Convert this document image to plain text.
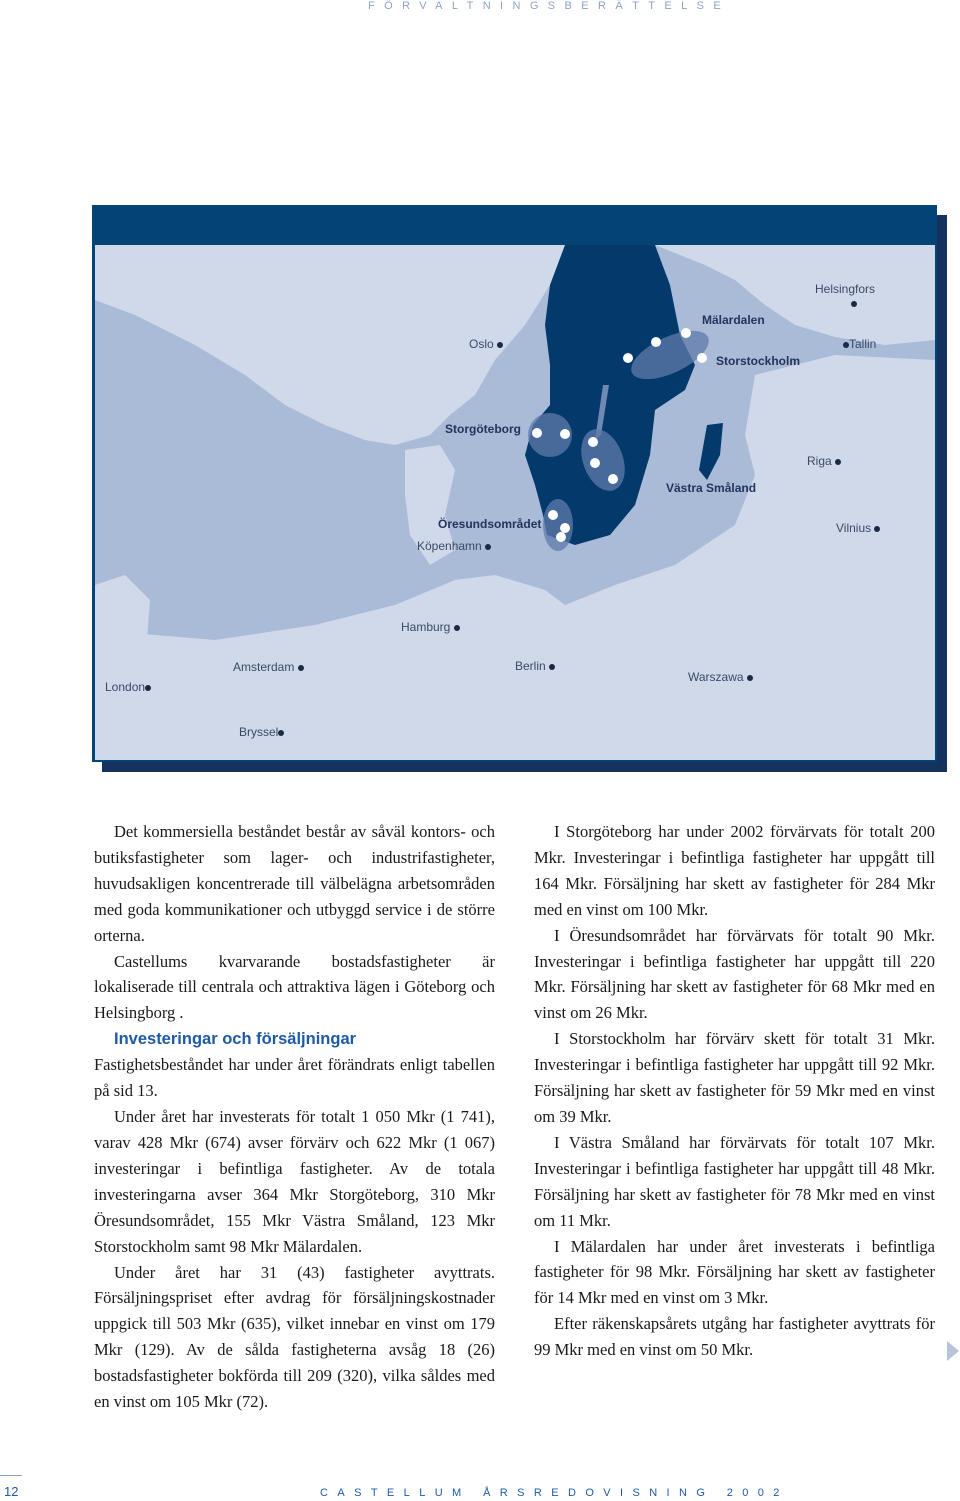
FÖRVALTNINGSBERÄTTELSE
Helsingfors

Oslo	Tallin
Riga
Köpenhamn
Vilnius
Hamburg
Amsterdam	Berlin
London
Warszawa
Bryssel
Mälardalen
Storstockholm
Storgöteborg
Västra Småland
Öresundsområdet

Det kommersiella beståndet består av såväl kontors- och butiksfastigheter som lager- och industrifastigheter, huvudsakligen koncentrerade till välbelägna arbetsområden med goda kommunikationer och utbyggd service i de större orterna.

Castellums kvarvarande bostadsfastigheter är lokaliserade till centrala och attraktiva lägen i Göteborg och Helsingborg .

Investeringar och försäljningar

Fastighetsbeståndet har under året förändrats enligt tabellen på sid 13.

Under året har investerats för totalt 1 050 Mkr (1 741), varav 428 Mkr (674) avser förvärv och 622 Mkr (1 067) investeringar i befintliga fastigheter. Av de totala investeringarna avser 364 Mkr Storgöteborg, 310 Mkr Öresundsområdet, 155 Mkr Västra Småland, 123 Mkr Storstockholm samt 98 Mkr Mälardalen.

Under året har 31 (43) fastigheter avyttrats. Försäljningspriset efter avdrag för försäljningskostnader uppgick till 503 Mkr (635), vilket innebar en vinst om 179 Mkr (129). Av de sålda fastigheterna avsåg 18 (26) bostadsfastigheter bokförda till 209 (320), vilka såldes med en vinst om 105 Mkr (72).

I Storgöteborg har under 2002 förvärvats för totalt 200 Mkr. Investeringar i befintliga fastigheter har uppgått till 164 Mkr. Försäljning har skett av fastigheter för 284 Mkr med en vinst om 100 Mkr.

I Öresundsområdet har förvärvats för totalt 90 Mkr. Investeringar i befintliga fastigheter har uppgått till 220 Mkr. Försäljning har skett av fastigheter för 68 Mkr med en vinst om 26 Mkr.

I Storstockholm har förvärv skett för totalt 31 Mkr. Investeringar i befintliga fastigheter har uppgått till 92 Mkr. Försäljning har skett av fastigheter för 59 Mkr med en vinst om 39 Mkr.

I Västra Småland har förvärvats för totalt 107 Mkr. Investeringar i befintliga fastigheter har uppgått till 48 Mkr. Försäljning har skett av fastigheter för 78 Mkr med en vinst om 11 Mkr.

I Mälardalen har under året investerats i befintliga fastigheter för 98 Mkr. Försäljning har skett av fastigheter för 14 Mkr med en vinst om 3 Mkr.

Efter räkenskapsårets utgång har fastigheter avyttrats för 99 Mkr med en vinst om 50 Mkr.

12	CASTELLUM ÅRSREDOVISNING 2002
